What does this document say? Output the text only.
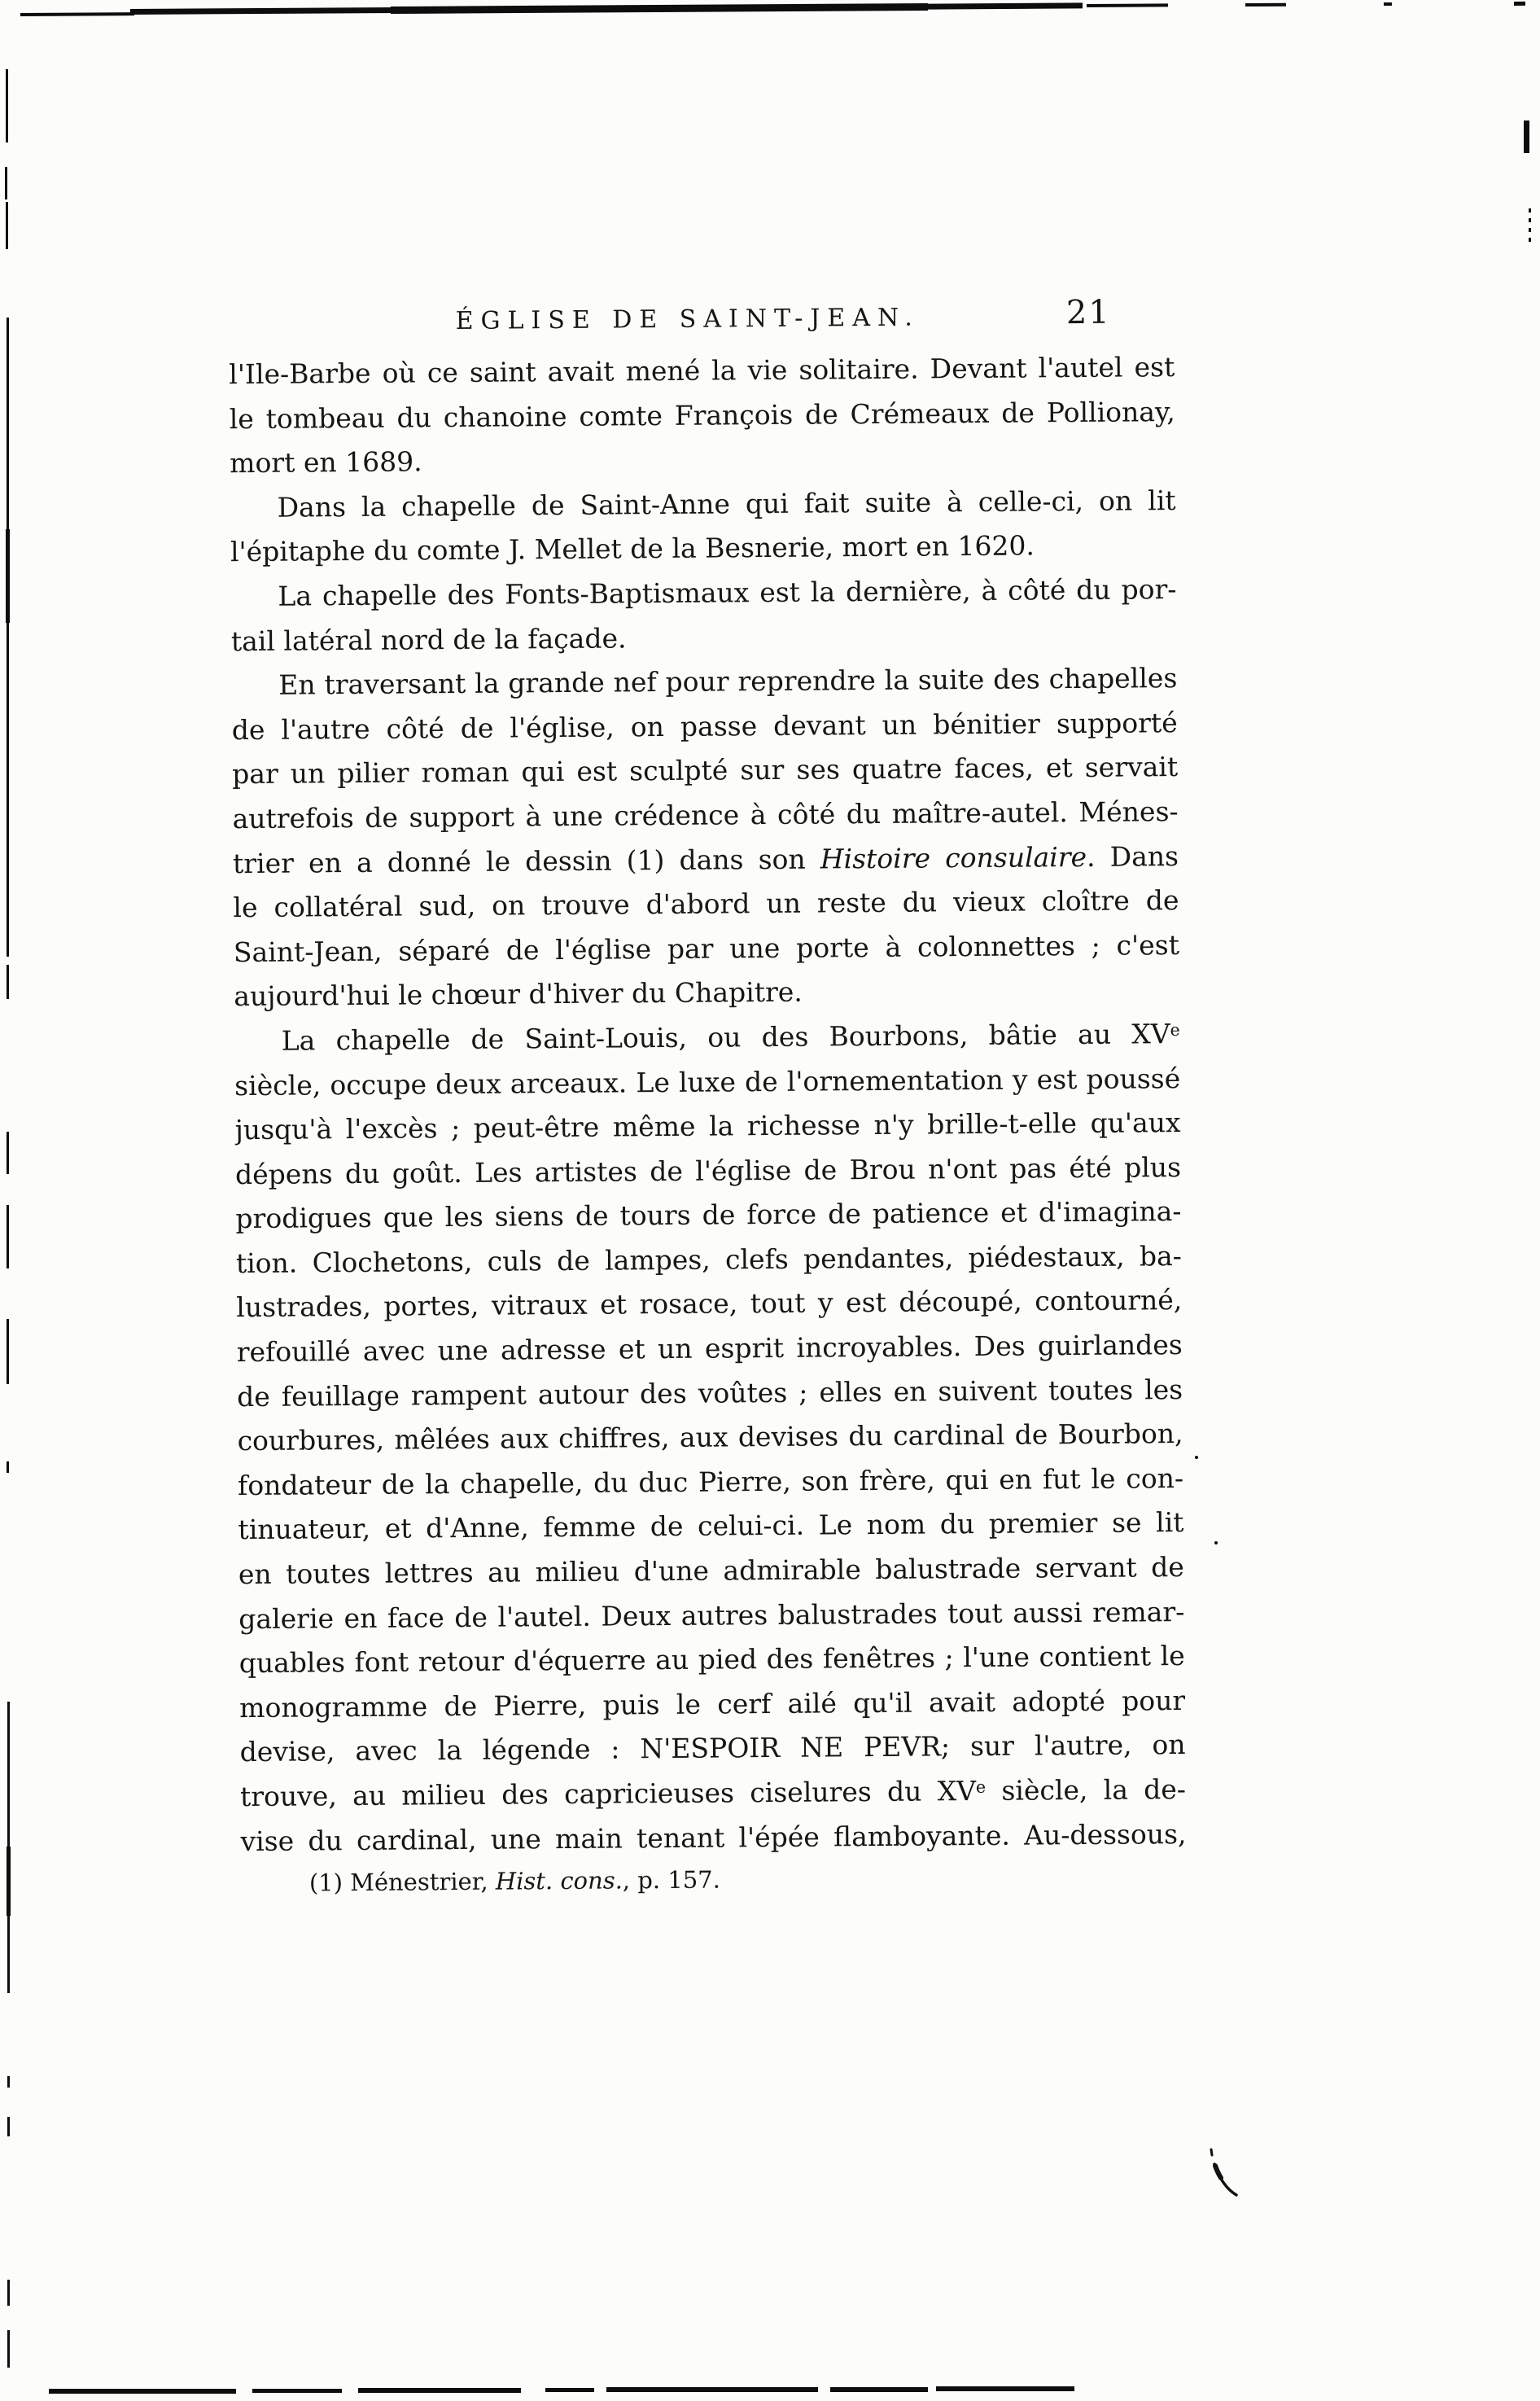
ÉGLISE DE SAINT-JEAN.	21
l'Ile-Barbe où ce saint avait mené la vie solitaire. Devant l'autel est
le tombeau du chanoine comte François de Crémeaux de Pollionay,
mort en 1689.
Dans la chapelle de Saint-Anne qui fait suite à celle-ci, on lit
l'épitaphe du comte J. Mellet de la Besnerie, mort en 1620.
La chapelle des Fonts-Baptismaux est la dernière, à côté du por-
tail latéral nord de la façade.
En traversant la grande nef pour reprendre la suite des chapelles
de l'autre côté de l'église, on passe devant un bénitier supporté
par un pilier roman qui est sculpté sur ses quatre faces, et servait
autrefois de support à une crédence à côté du maître-autel. Ménes-
trier en a donné le dessin (1) dans son Histoire consulaire. Dans
le collatéral sud, on trouve d'abord un reste du vieux cloître de
Saint-Jean, séparé de l'église par une porte à colonnettes ; c'est
aujourd'hui le chœur d'hiver du Chapitre.
La chapelle de Saint-Louis, ou des Bourbons, bâtie au XVe
siècle, occupe deux arceaux. Le luxe de l'ornementation y est poussé
jusqu'à l'excès ; peut-être même la richesse n'y brille-t-elle qu'aux
dépens du goût. Les artistes de l'église de Brou n'ont pas été plus
prodigues que les siens de tours de force de patience et d'imagina-
tion. Clochetons, culs de lampes, clefs pendantes, piédestaux, ba-
lustrades, portes, vitraux et rosace, tout y est découpé, contourné,
refouillé avec une adresse et un esprit incroyables. Des guirlandes
de feuillage rampent autour des voûtes ; elles en suivent toutes les
courbures, mêlées aux chiffres, aux devises du cardinal de Bourbon,
fondateur de la chapelle, du duc Pierre, son frère, qui en fut le con-
tinuateur, et d'Anne, femme de celui-ci. Le nom du premier se lit
en toutes lettres au milieu d'une admirable balustrade servant de
galerie en face de l'autel. Deux autres balustrades tout aussi remar-
quables font retour d'équerre au pied des fenêtres ; l'une contient le
monogramme de Pierre, puis le cerf ailé qu'il avait adopté pour
devise, avec la légende : N'ESPOIR NE PEVR; sur l'autre, on
trouve, au milieu des capricieuses ciselures du XVe siècle, la de-
vise du cardinal, une main tenant l'épée flamboyante. Au-dessous,
(1) Ménestrier, Hist. cons., p. 157.
